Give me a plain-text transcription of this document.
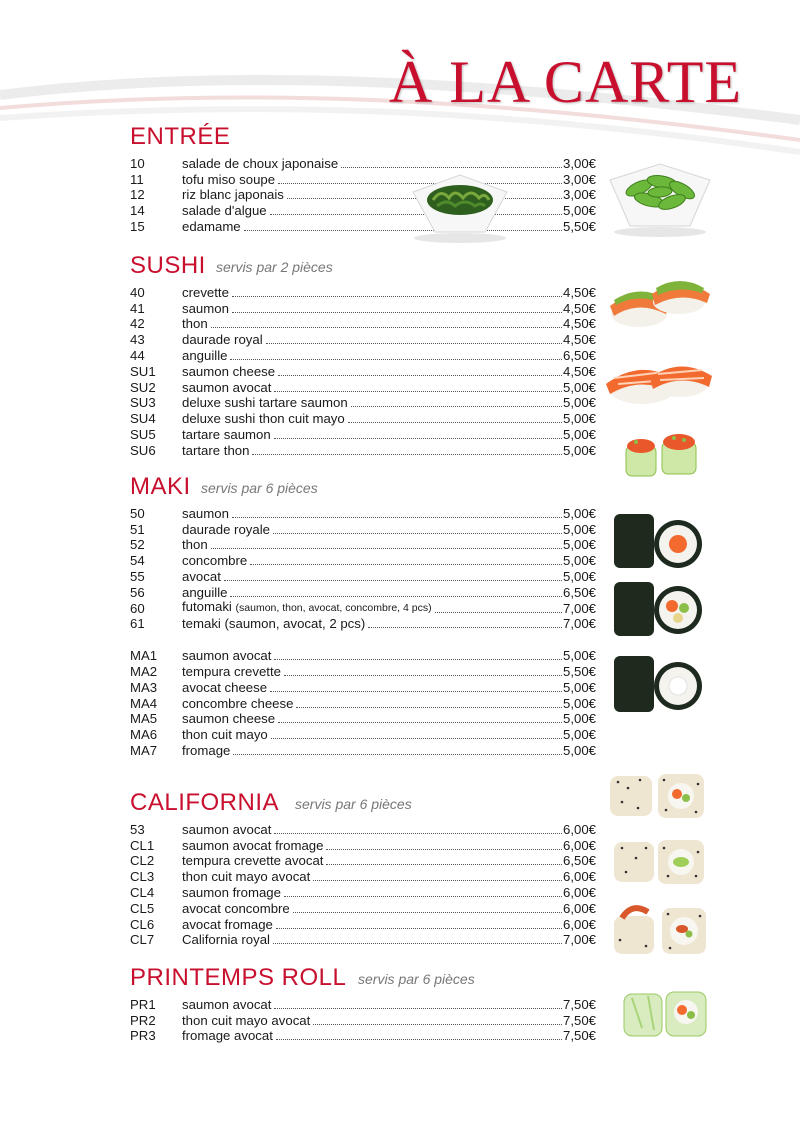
À LA CARTE
ENTRÉE
10	salade de choux japonaise	3,00€
11	tofu miso soupe	3,00€
12	riz blanc japonais	3,00€
14	salade d'algue	5,00€
15	edamame	5,50€
SUSHI servis par 2 pièces
40	crevette	4,50€
41	saumon	4,50€
42	thon	4,50€
43	daurade royal	4,50€
44	anguille	6,50€
SU1	saumon cheese	4,50€
SU2	saumon avocat	5,00€
SU3	deluxe sushi tartare saumon	5,00€
SU4	deluxe sushi thon cuit mayo	5,00€
SU5	tartare saumon	5,00€
SU6	tartare thon	5,00€
MAKI servis par 6 pièces
50	saumon	5,00€
51	daurade royale	5,00€
52	thon	5,00€
54	concombre	5,00€
55	avocat	5,00€
56	anguille	6,50€
60	futomaki (saumon, thon, avocat, concombre, 4 pcs)	7,00€
61	temaki (saumon, avocat, 2 pcs)	7,00€
MA1	saumon avocat	5,00€
MA2	tempura crevette	5,50€
MA3	avocat cheese	5,00€
MA4	concombre cheese	5,00€
MA5	saumon cheese	5,00€
MA6	thon cuit mayo	5,00€
MA7	fromage	5,00€
CALIFORNIA servis par 6 pièces
53	saumon avocat	6,00€
CL1	saumon avocat fromage	6,00€
CL2	tempura crevette avocat	6,50€
CL3	thon cuit mayo avocat	6,00€
CL4	saumon fromage	6,00€
CL5	avocat concombre	6,00€
CL6	avocat fromage	6,00€
CL7	California royal	7,00€
PRINTEMPS ROLL servis par 6 pièces
PR1	saumon avocat	7,50€
PR2	thon cuit mayo avocat	7,50€
PR3	fromage avocat	7,50€
